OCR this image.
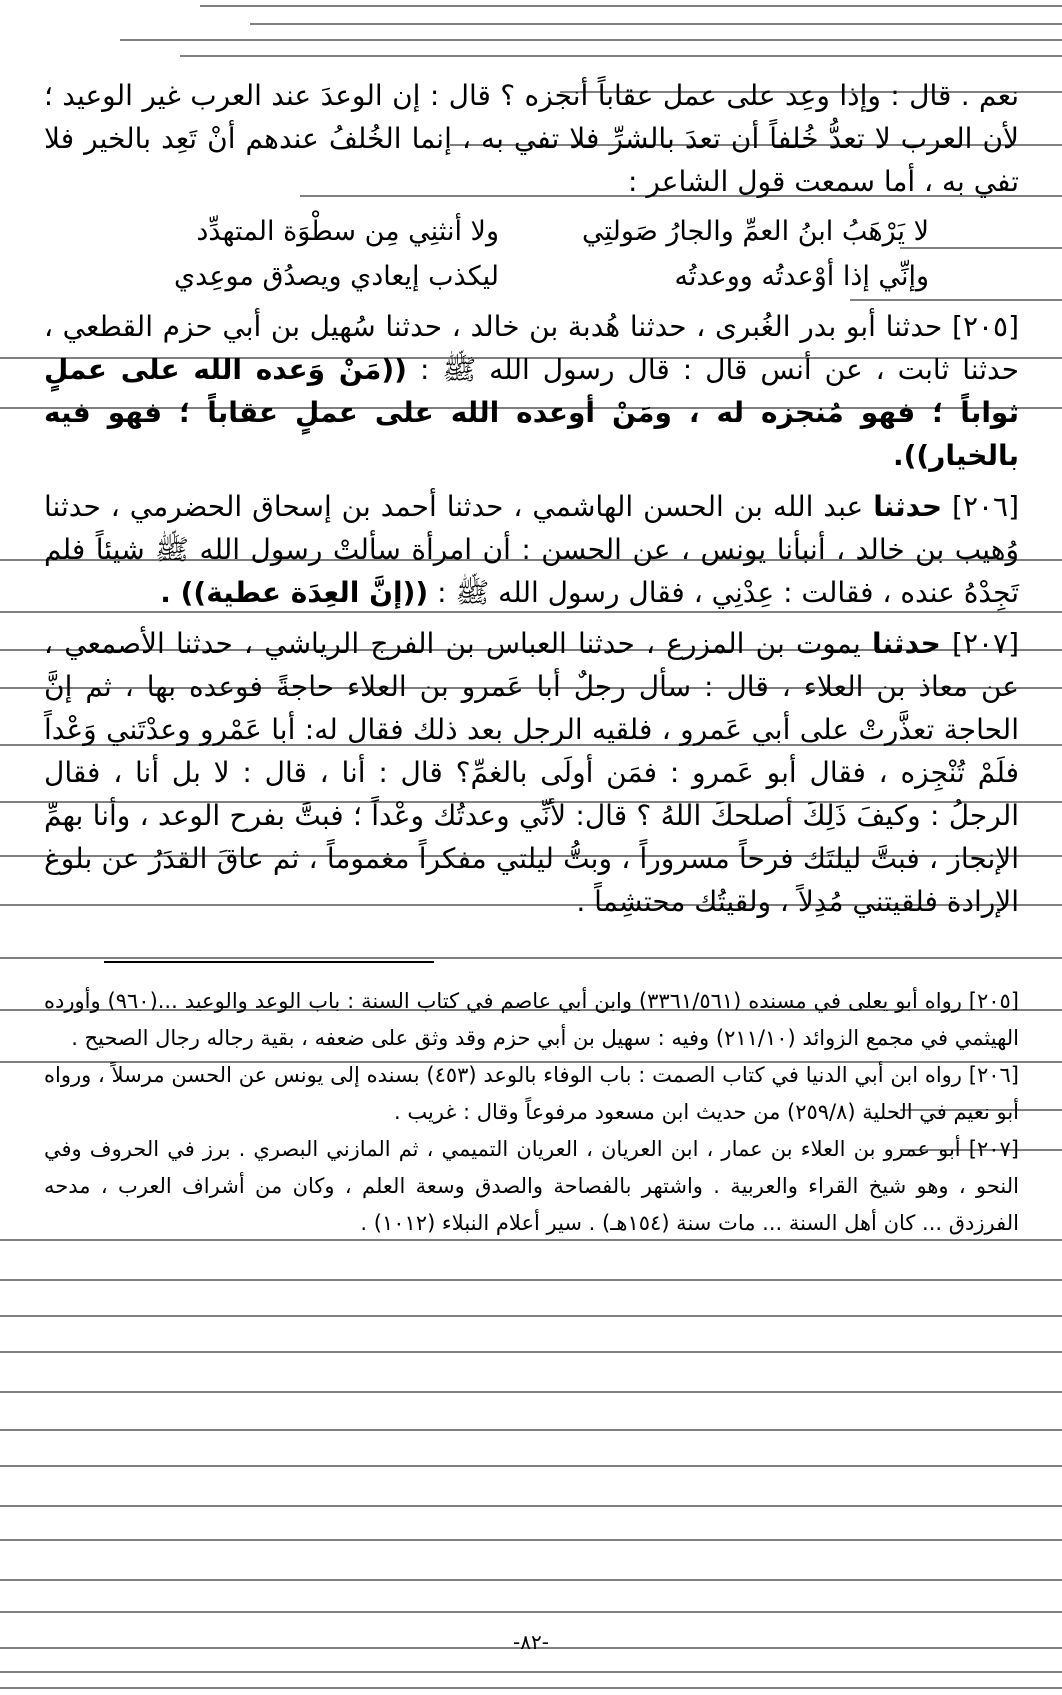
نعم . قال : وإذا وعِد على عمل عقاباً أنجزه ؟ قال : إن الوعدَ عند العرب غير الوعيد ؛ لأن العرب لا تعدُّ خُلفاً أن تعدَ بالشرِّ فلا تفي به ، إنما الخُلفُ عندهم أنْ تَعِد بالخير فلا تفي به ، أما سمعت قول الشاعر :

لا يَرْهَبُ ابنُ العمِّ والجارُ صَولتِي
ولا أنثنِي مِن سطْوَة المتهدِّد
وإنِّي إذا أوْعدتُه ووعدتُه
ليكذب إيعادي ويصدُق موعِدي

[٢٠٥] حدثنا أبو بدر الغُبرى ، حدثنا هُدبة بن خالد ، حدثنا سُهيل بن أبي حزم القطعي ، حدثنا ثابت ، عن أنس قال : قال رسول الله ﷺ : ((مَنْ وَعده الله على عملٍ ثواباً ؛ فهو مُنجزه له ، ومَنْ أوعده الله على عملٍ عقاباً ؛ فهو فيه بالخيار)).

[٢٠٦] حدثنا عبد الله بن الحسن الهاشمي ، حدثنا أحمد بن إسحاق الحضرمي ، حدثنا وُهيب بن خالد ، أنبأنا يونس ، عن الحسن : أن امرأة سألتْ رسول الله ﷺ شيئاً فلم تَجِدْهُ عنده ، فقالت : عِدْنِي ، فقال رسول الله ﷺ : ((إنَّ العِدَة عطية)) .

[٢٠٧] حدثنا يموت بن المزرع ، حدثنا العباس بن الفرج الرياشي ، حدثنا الأصمعي ، عن معاذ بن العلاء ، قال : سأل رجلٌ أبا عَمرو بن العلاء حاجةً فوعده بها ، ثم إنَّ الحاجة تعذَّرتْ على أبي عَمرو ، فلقيه الرجل بعد ذلك فقال له: أبا عَمْرو وعدْتَني وَعْداً فلَمْ تُنْجِزه ، فقال أبو عَمرو : فمَن أولَى بالغمِّ؟ قال : أنا ، قال : لا بل أنا ، فقال الرجلُ : وكيفَ ذَلِكَ أصلحكَ اللهُ ؟ قال: لأنِّي وعدتُك وعْداً ؛ فبتَّ بفرح الوعد ، وأنا بهمِّ الإنجاز ، فبتَّ ليلتَك فرحاً مسروراً ، وبتُّ ليلتي مفكراً مغموماً ، ثم عاقَ القدَرُ عن بلوغ الإرادة فلقيتني مُدِلاً ، ولقيتُك محتشِماً .

[٢٠٥] رواه أبو يعلى في مسنده (٣٣٦١/٥٦١) وابن أبي عاصم في كتاب السنة : باب الوعد والوعيد ...(٩٦٠) وأورده الهيثمي في مجمع الزوائد (٢١١/١٠) وفيه : سهيل بن أبي حزم وقد وثق على ضعفه ، بقية رجاله رجال الصحيح .

[٢٠٦] رواه ابن أبي الدنيا في كتاب الصمت : باب الوفاء بالوعد (٤٥٣) بسنده إلى يونس عن الحسن مرسلاً ، ورواه أبو نعيم في الحلية (٢٥٩/٨) من حديث ابن مسعود مرفوعاً وقال : غريب .

[٢٠٧] أبو عمرو بن العلاء بن عمار ، ابن العريان ، العريان التميمي ، ثم المازني البصري . برز في الحروف وفي النحو ، وهو شيخ القراء والعربية . واشتهر بالفصاحة والصدق وسعة العلم ، وكان من أشراف العرب ، مدحه الفرزدق ... كان أهل السنة ... مات سنة (١٥٤هـ) . سير أعلام النبلاء (١٠١٢) .

-٨٢-
